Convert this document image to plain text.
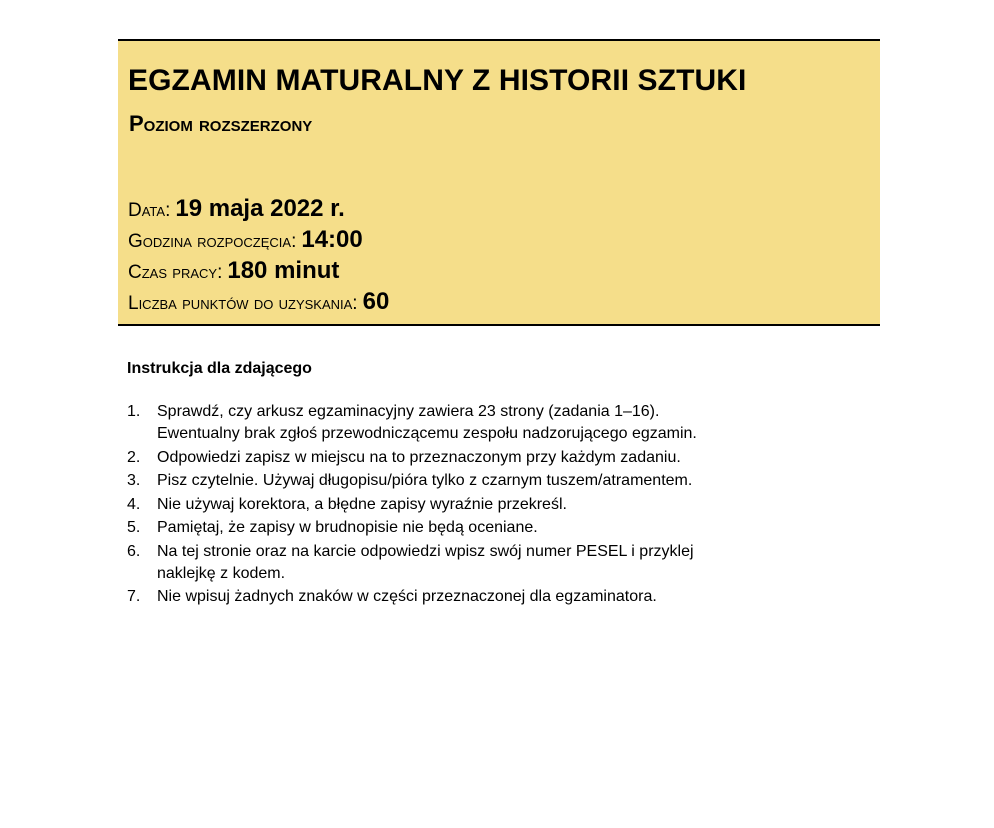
EGZAMIN MATURALNY Z HISTORII SZTUKI
Poziom rozszerzony
Data: 19 maja 2022 r.
Godzina rozpoczęcia: 14:00
Czas pracy: 180 minut
Liczba punktów do uzyskania: 60
Instrukcja dla zdającego
1.	Sprawdź, czy arkusz egzaminacyjny zawiera 23 strony (zadania 1–16).
Ewentualny brak zgłoś przewodniczącemu zespołu nadzorującego egzamin.
2.	Odpowiedzi zapisz w miejscu na to przeznaczonym przy każdym zadaniu.
3.	Pisz czytelnie. Używaj długopisu/pióra tylko z czarnym tuszem/atramentem.
4.	Nie używaj korektora, a błędne zapisy wyraźnie przekreśl.
5.	Pamiętaj, że zapisy w brudnopisie nie będą oceniane.
6.	Na tej stronie oraz na karcie odpowiedzi wpisz swój numer PESEL i przyklej
naklejkę z kodem.
7.	Nie wpisuj żadnych znaków w części przeznaczonej dla egzaminatora.
